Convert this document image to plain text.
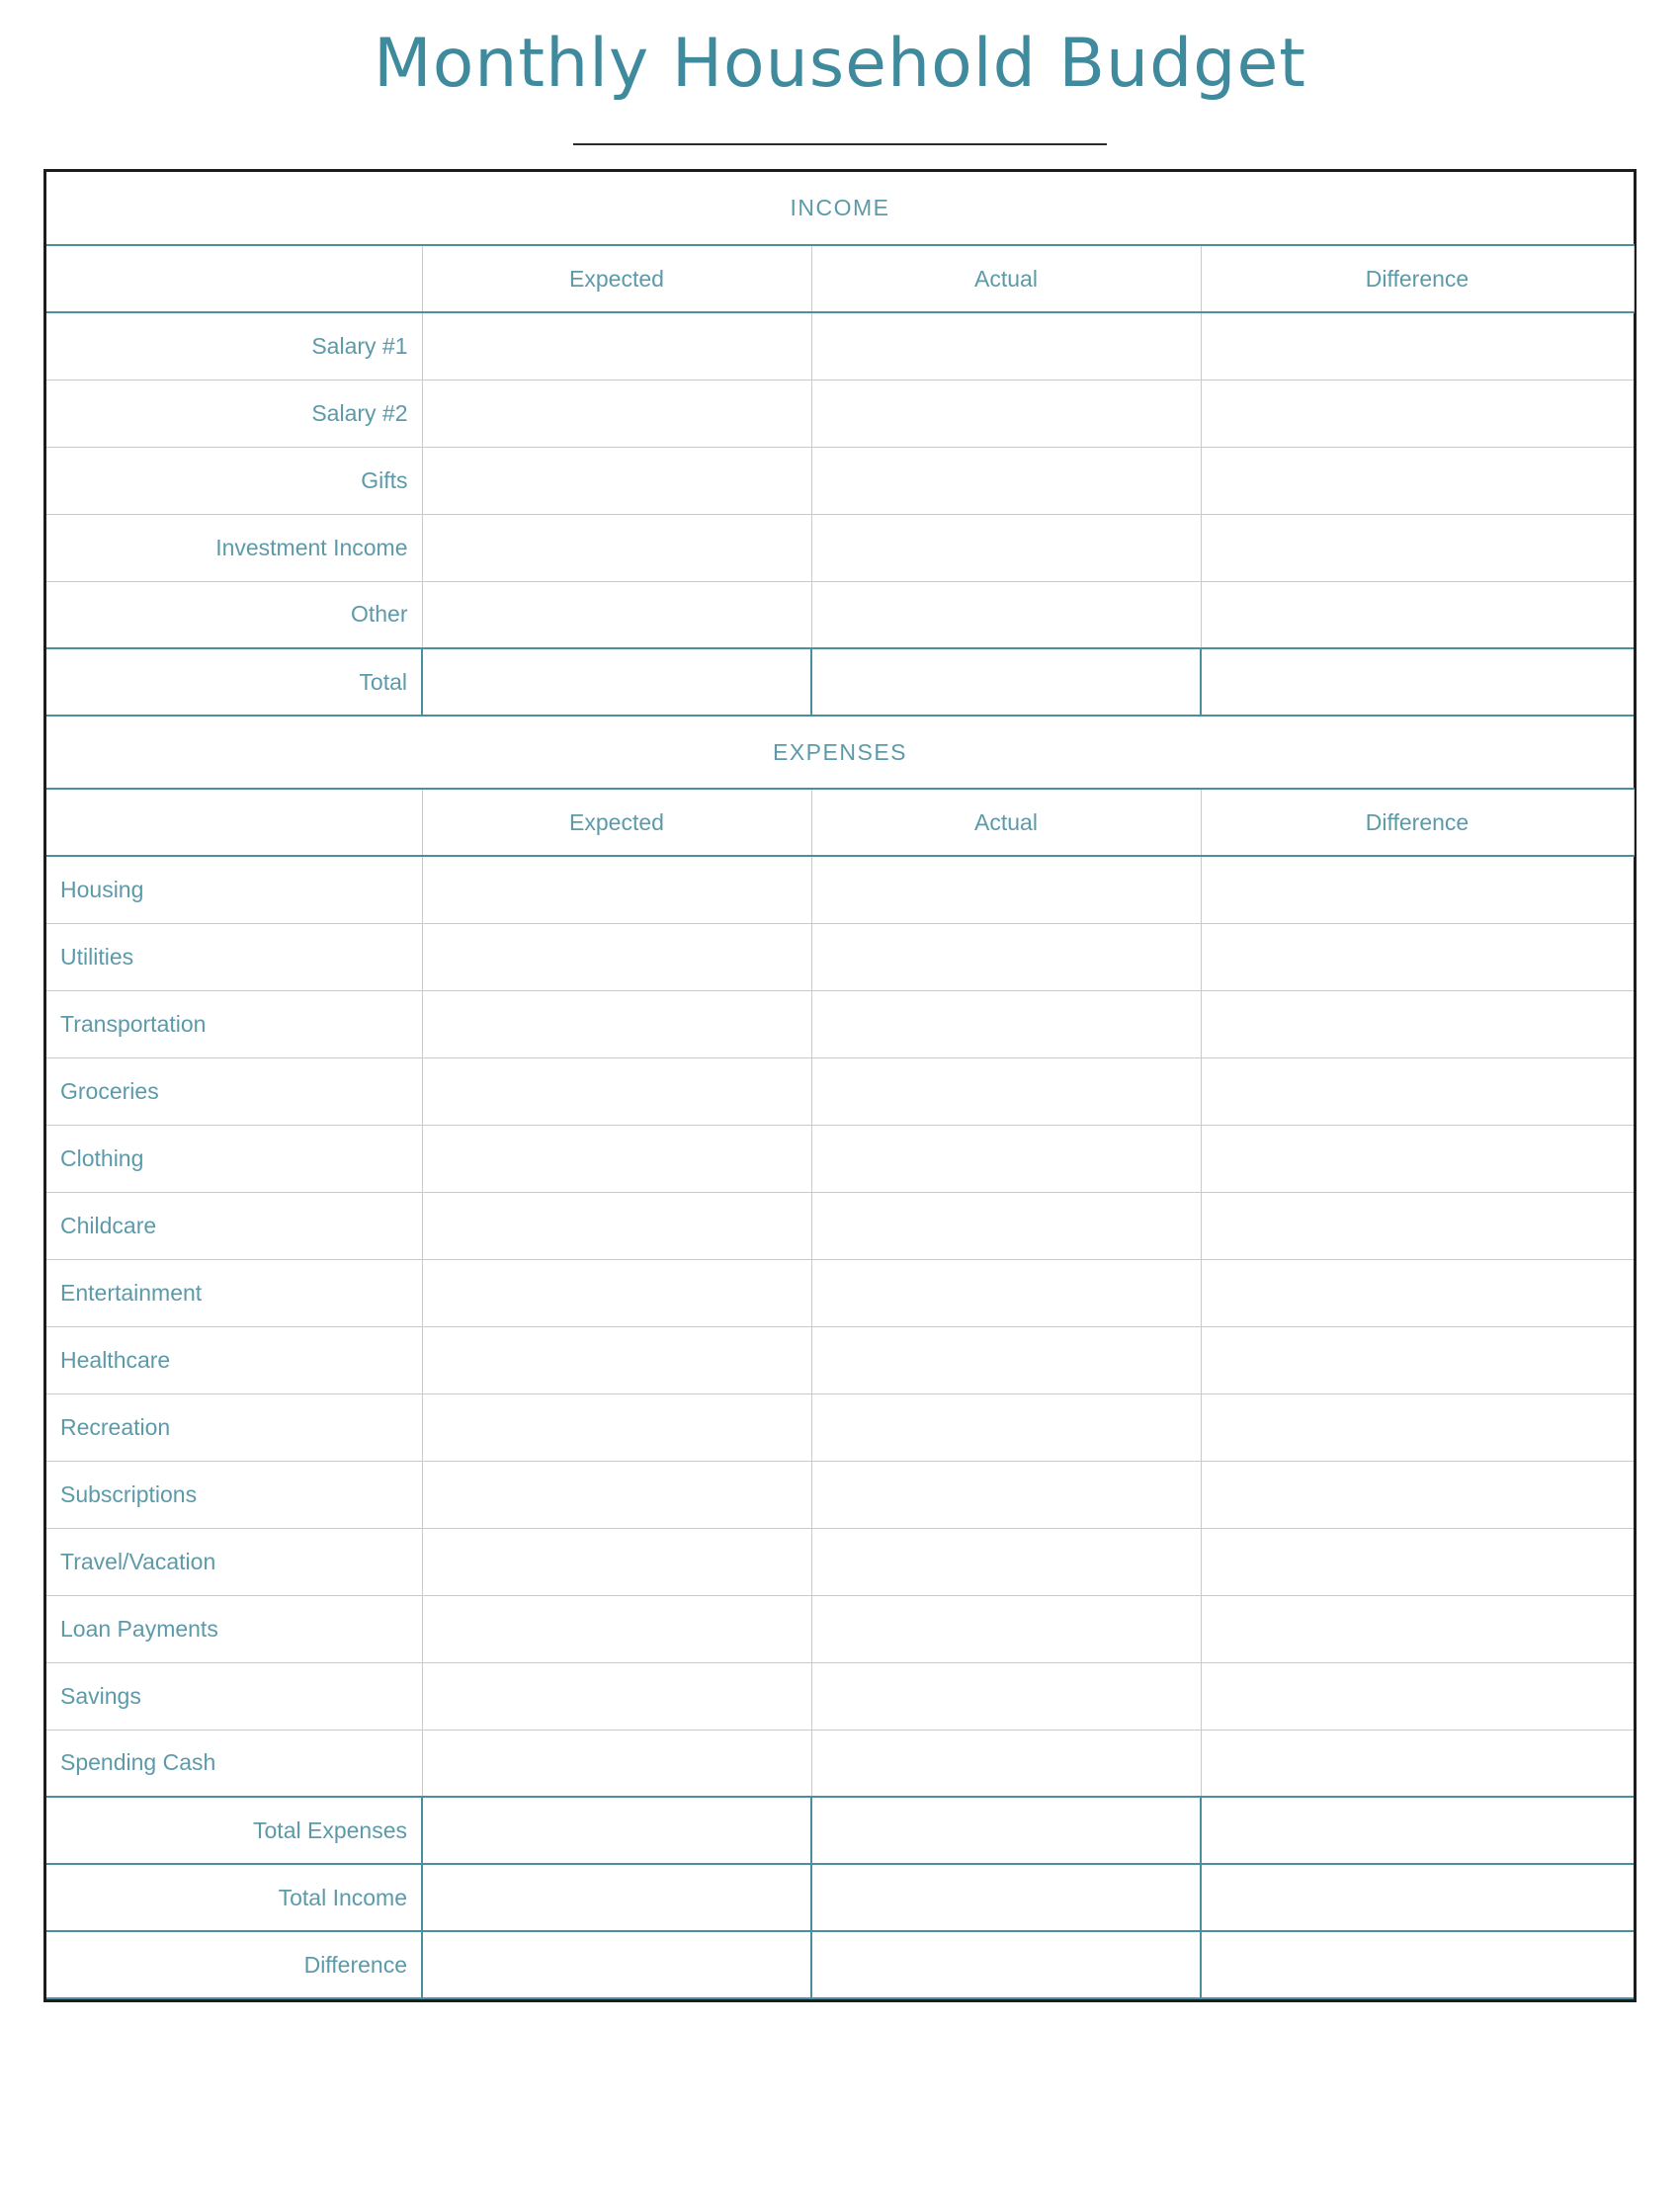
Monthly Household Budget
INCOME			
	Expected	Actual	Difference
Salary #1			
Salary #2			
Gifts			
Investment Income			
Other			
Total			
EXPENSES			
	Expected	Actual	Difference
Housing			
Utilities			
Transportation			
Groceries			
Clothing			
Childcare			
Entertainment			
Healthcare			
Recreation			
Subscriptions			
Travel/Vacation			
Loan Payments			
Savings			
Spending Cash			
Total Expenses			
Total Income			
Difference			
